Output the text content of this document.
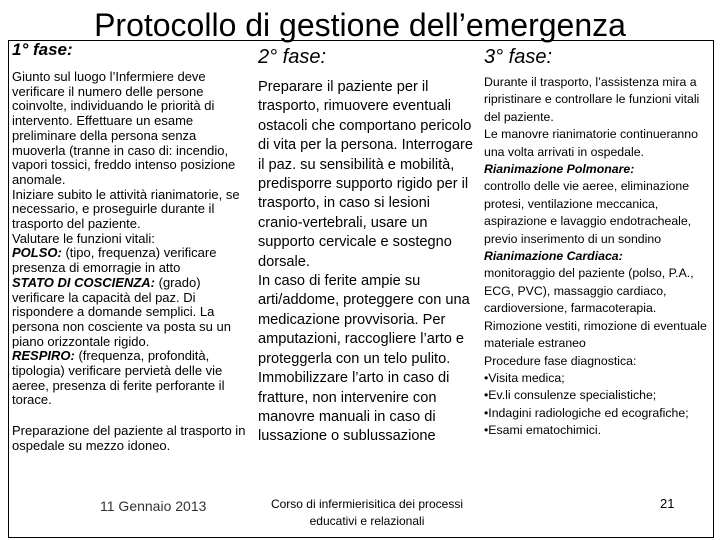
Protocollo di gestione dell’emergenza

1° fase:

Giunto sul luogo l’Infermiere deve verificare il numero delle persone coinvolte, individuando le priorità di intervento. Effettuare un esame preliminare della persona senza muoverla (tranne in caso di: incendio, vapori tossici, freddo intenso posizione anomale.

Iniziare subito le attività rianimatorie, se necessario, e proseguirle durante il trasporto del paziente.

Valutare le funzioni vitali:

POLSO: (tipo, frequenza) verificare presenza di emorragie in atto

STATO DI COSCIENZA: (grado) verificare la capacità del paz. Di rispondere a domande semplici. La persona non cosciente va posta su un piano orizzontale rigido.

RESPIRO: (frequenza, profondità, tipologia) verificare pervietà delle vie aeree, presenza di ferite perforante il torace.

Preparazione del paziente al trasporto in ospedale su mezzo idoneo.

2° fase:

Preparare il paziente per il trasporto, rimuovere eventuali ostacoli che comportano pericolo di vita per la persona. Interrogare il paz. su sensibilità e mobilità, predisporre supporto rigido per il trasporto, in caso si lesioni cranio-vertebrali, usare un supporto cervicale e sostegno dorsale.

In caso di ferite ampie su arti/addome, proteggere con una medicazione provvisoria. Per amputazioni, raccogliere l’arto e proteggerla con un telo pulito.

Immobilizzare l’arto in caso di fratture, non intervenire con manovre manuali in caso di lussazione o sublussazione

3° fase:

Durante il trasporto, l’assistenza mira a ripristinare e controllare le funzioni vitali del paziente.

Le manovre rianimatorie continueranno una volta arrivati in ospedale.

Rianimazione Polmonare:

controllo delle vie aeree, eliminazione protesi, ventilazione meccanica, aspirazione e lavaggio endotracheale, previo inserimento di un sondino

Rianimazione Cardiaca:

monitoraggio del paziente (polso, P.A., ECG, PVC), massaggio cardiaco, cardioversione, farmacoterapia.

Rimozione vestiti, rimozione di eventuale materiale estraneo

Procedure fase diagnostica:

•Visita medica;

•Ev.li consulenze specialistiche;

•Indagini radiologiche ed ecografiche;

•Esami ematochimici.

11 Gennaio 2013	Corso di infermierisitica dei processi educativi e relazionali
21
